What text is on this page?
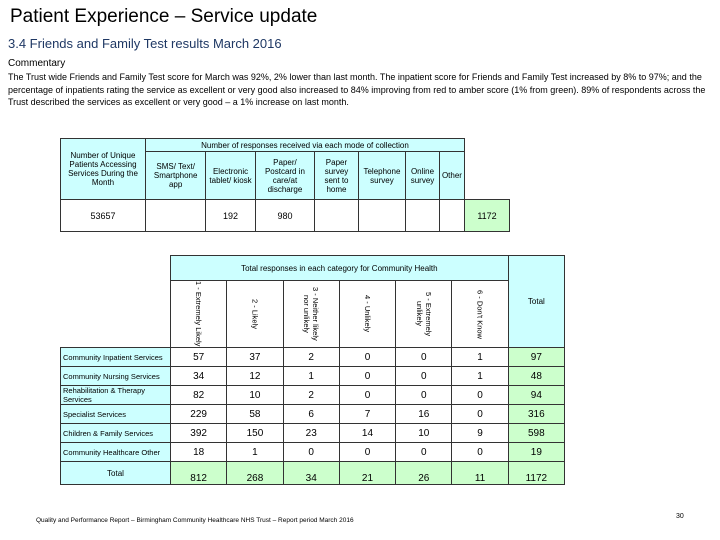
Patient Experience – Service update
3.4 Friends and Family Test results March 2016
Commentary
The Trust wide Friends and Family Test score for March was 92%, 2% lower than last month. The inpatient score for Friends and Family Test increased by 8% to 97%; and the percentage of inpatients rating the service as excellent or very good also increased to 84% improving from red to amber score (1% from green). 89% of respondents across the Trust described the services as excellent or very good – a 1% increase on last month.
Number of Unique Patients Accessing Services During the Month	Number of responses received via each mode of collection							
	SMS/ Text/ Smartphone app	Electronic tablet/ kiosk	Paper/ Postcard in care/at discharge	Paper survey sent to home	Telephone survey	Online survey	Other	
53657		192	980					1172
	Total responses in each category for Community Health						Total

	1 - Extremely Likely	2 - Likely	3 - Neither likely nor unlikely	4 - Unlikely	5 - Extremely unlikely	6 - Don't Know	

Community Inpatient Services	57	37	2	0	0	1	97
Community Nursing Services	34	12	1	0	0	1	48
Rehabilitation & Therapy Services	82	10	2	0	0	0	94
Specialist Services	229	58	6	7	16	0	316
Children & Family Services	392	150	23	14	10	9	598
Community Healthcare Other	18	1	0	0	0	0	19
Total	812	268	34	21	26	11	1172
Quality and Performance Report – Birmingham Community Healthcare NHS Trust – Report period March 2016
30
